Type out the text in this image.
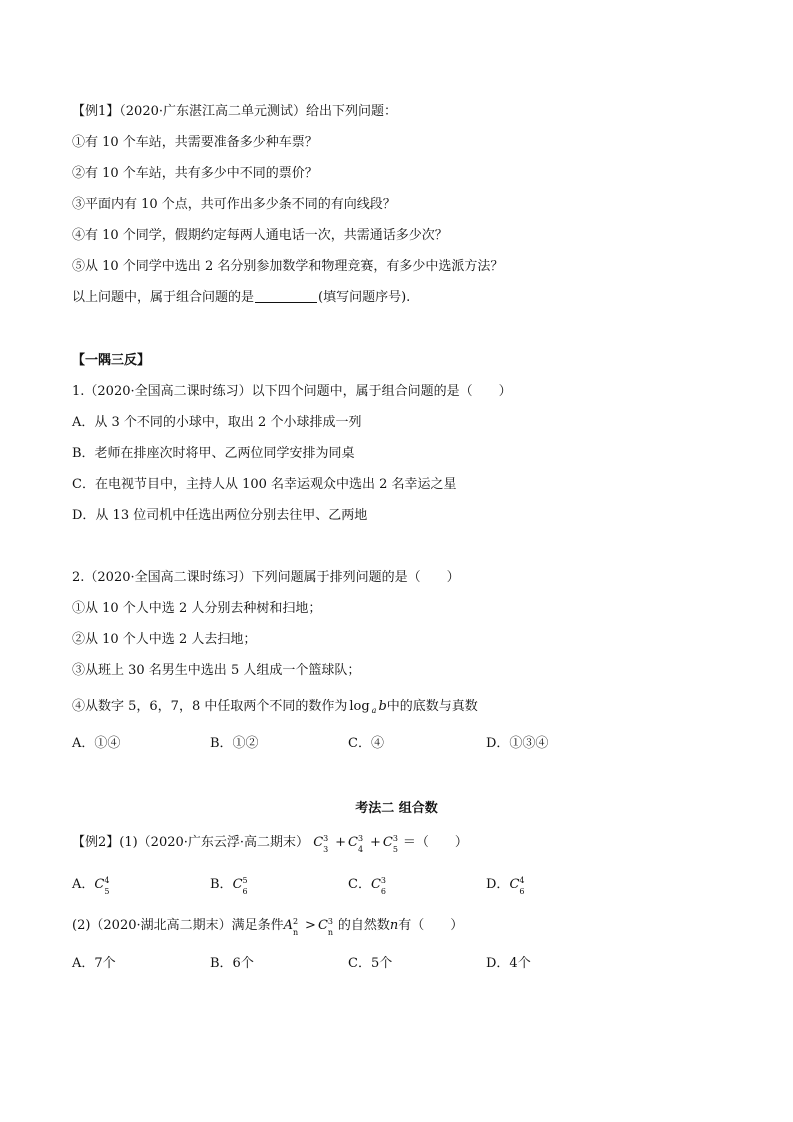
【例1】（2020·广东湛江高二单元测试）给出下列问题：
①有 10 个车站，共需要准备多少种车票？
②有 10 个车站，共有多少中不同的票价？
③平面内有 10 个点，共可作出多少条不同的有向线段？
④有 10 个同学，假期约定每两人通电话一次，共需通话多少次？
⑤从 10 个同学中选出 2 名分别参加数学和物理竞赛，有多少中选派方法？
以上问题中，属于组合问题的是	(填写问题序号).
【一隅三反】
1.（2020·全国高二课时练习）以下四个问题中，属于组合问题的是（　　）
A．从 3 个不同的小球中，取出 2 个小球排成一列
B．老师在排座次时将甲、乙两位同学安排为同桌
C．在电视节目中，主持人从 100 名幸运观众中选出 2 名幸运之星
D．从 13 位司机中任选出两位分别去往甲、乙两地
2.（2020·全国高二课时练习）下列问题属于排列问题的是（　　）
①从 10 个人中选 2 人分别去种树和扫地；
②从 10 个人中选 2 人去扫地；
③从班上 30 名男生中选出 5 人组成一个篮球队；
④从数字 5，6，7，8 中任取两个不同的数作为 log $_a$ b中的底数与真数
A．①④	B．①②	C．④	D．①③④
考法二 组合数
【例2】(1)（2020·广东云浮·高二期末） C 3
3 + C 3
4 + C 3
5 ＝（　　）
A．C 4
5	B．C 5
6	C．C 3
6	D．C 4
6
(2)（2020·湖北高二期末）满足条件A 2
n > C 3
n 的自然数n有（　　）
A．7个	B．6个	C．5个	D．4个
